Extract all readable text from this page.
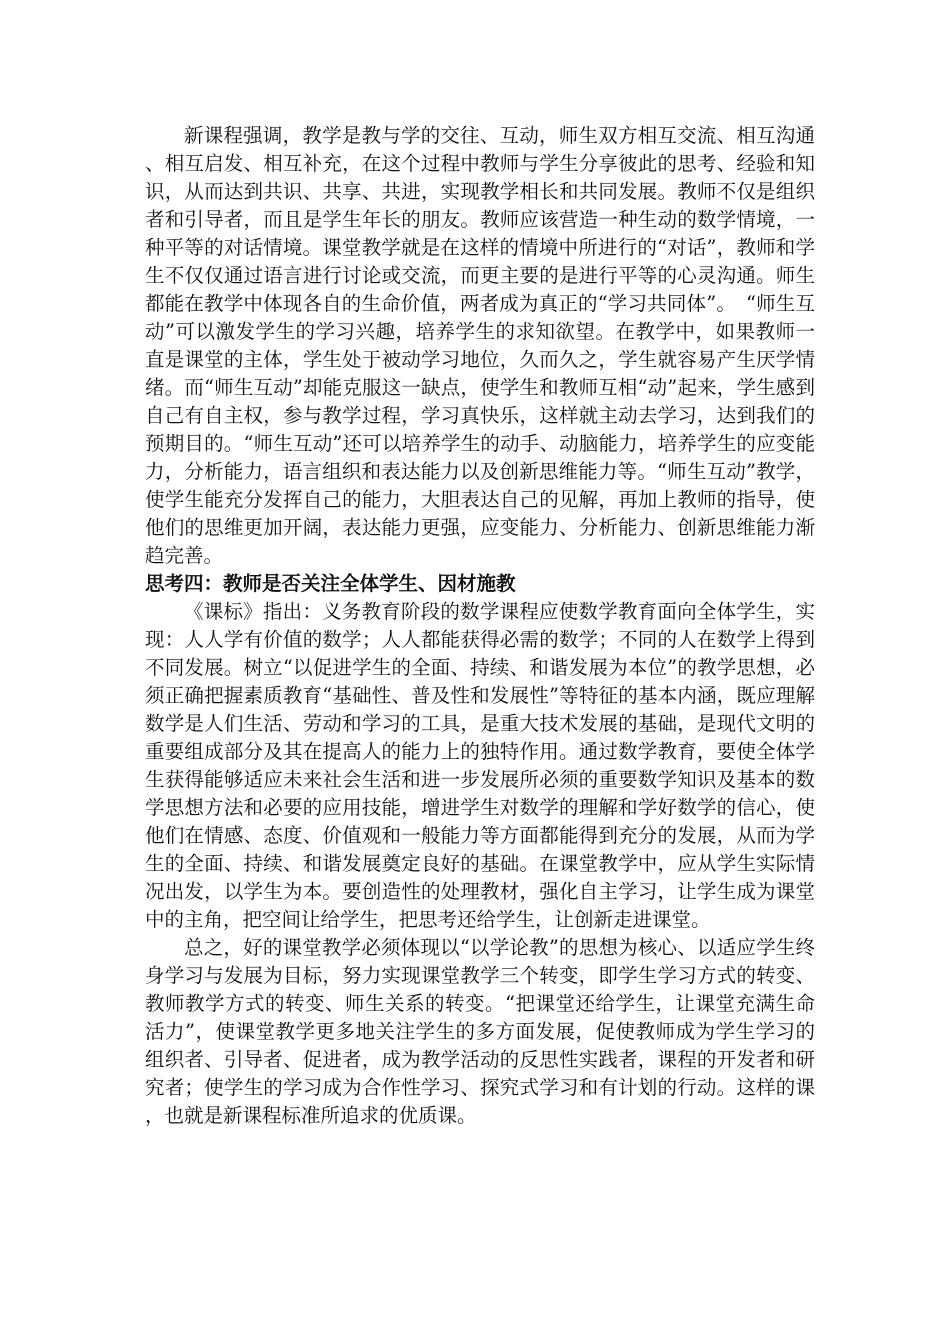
新课程强调，教学是教与学的交往、互动，师生双方相互交流、相互沟通、相互启发、相互补充，在这个过程中教师与学生分享彼此的思考、经验和知识，从而达到共识、共享、共进，实现教学相长和共同发展。教师不仅是组织者和引导者，而且是学生年长的朋友。教师应该营造一种生动的数学情境，一种平等的对话情境。课堂教学就是在这样的情境中所进行的“对话”，教师和学生不仅仅通过语言进行讨论或交流，而更主要的是进行平等的心灵沟通。师生都能在教学中体现各自的生命价值，两者成为真正的“学习共同体”。　“师生互动”可以激发学生的学习兴趣，培养学生的求知欲望。在教学中，如果教师一直是课堂的主体，学生处于被动学习地位，久而久之，学生就容易产生厌学情绪。而“师生互动”却能克服这一缺点，使学生和教师互相“动”起来，学生感到自己有自主权，参与教学过程，学习真快乐，这样就主动去学习，达到我们的预期目的。“师生互动”还可以培养学生的动手、动脑能力，培养学生的应变能力，分析能力，语言组织和表达能力以及创新思维能力等。“师生互动”教学，使学生能充分发挥自己的能力，大胆表达自己的见解，再加上教师的指导，使他们的思维更加开阔，表达能力更强，应变能力、分析能力、创新思维能力渐趋完善。

思考四：教师是否关注全体学生、因材施教

《课标》指出：义务教育阶段的数学课程应使数学教育面向全体学生，实现：人人学有价值的数学；人人都能获得必需的数学；不同的人在数学上得到不同发展。树立“以促进学生的全面、持续、和谐发展为本位”的教学思想，必须正确把握素质教育“基础性、普及性和发展性”等特征的基本内涵，既应理解数学是人们生活、劳动和学习的工具，是重大技术发展的基础，是现代文明的重要组成部分及其在提高人的能力上的独特作用。通过数学教育，要使全体学生获得能够适应未来社会生活和进一步发展所必须的重要数学知识及基本的数学思想方法和必要的应用技能，增进学生对数学的理解和学好数学的信心，使他们在情感、态度、价值观和一般能力等方面都能得到充分的发展，从而为学生的全面、持续、和谐发展奠定良好的基础。在课堂教学中，应从学生实际情况出发，以学生为本。要创造性的处理教材，强化自主学习，让学生成为课堂中的主角，把空间让给学生，把思考还给学生，让创新走进课堂。

总之，好的课堂教学必须体现以“以学论教”的思想为核心、以适应学生终身学习与发展为目标，努力实现课堂教学三个转变，即学生学习方式的转变、教师教学方式的转变、师生关系的转变。“把课堂还给学生，让课堂充满生命活力”，使课堂教学更多地关注学生的多方面发展，促使教师成为学生学习的组织者、引导者、促进者，成为教学活动的反思性实践者，课程的开发者和研究者；使学生的学习成为合作性学习、探究式学习和有计划的行动。这样的课，也就是新课程标准所追求的优质课。
